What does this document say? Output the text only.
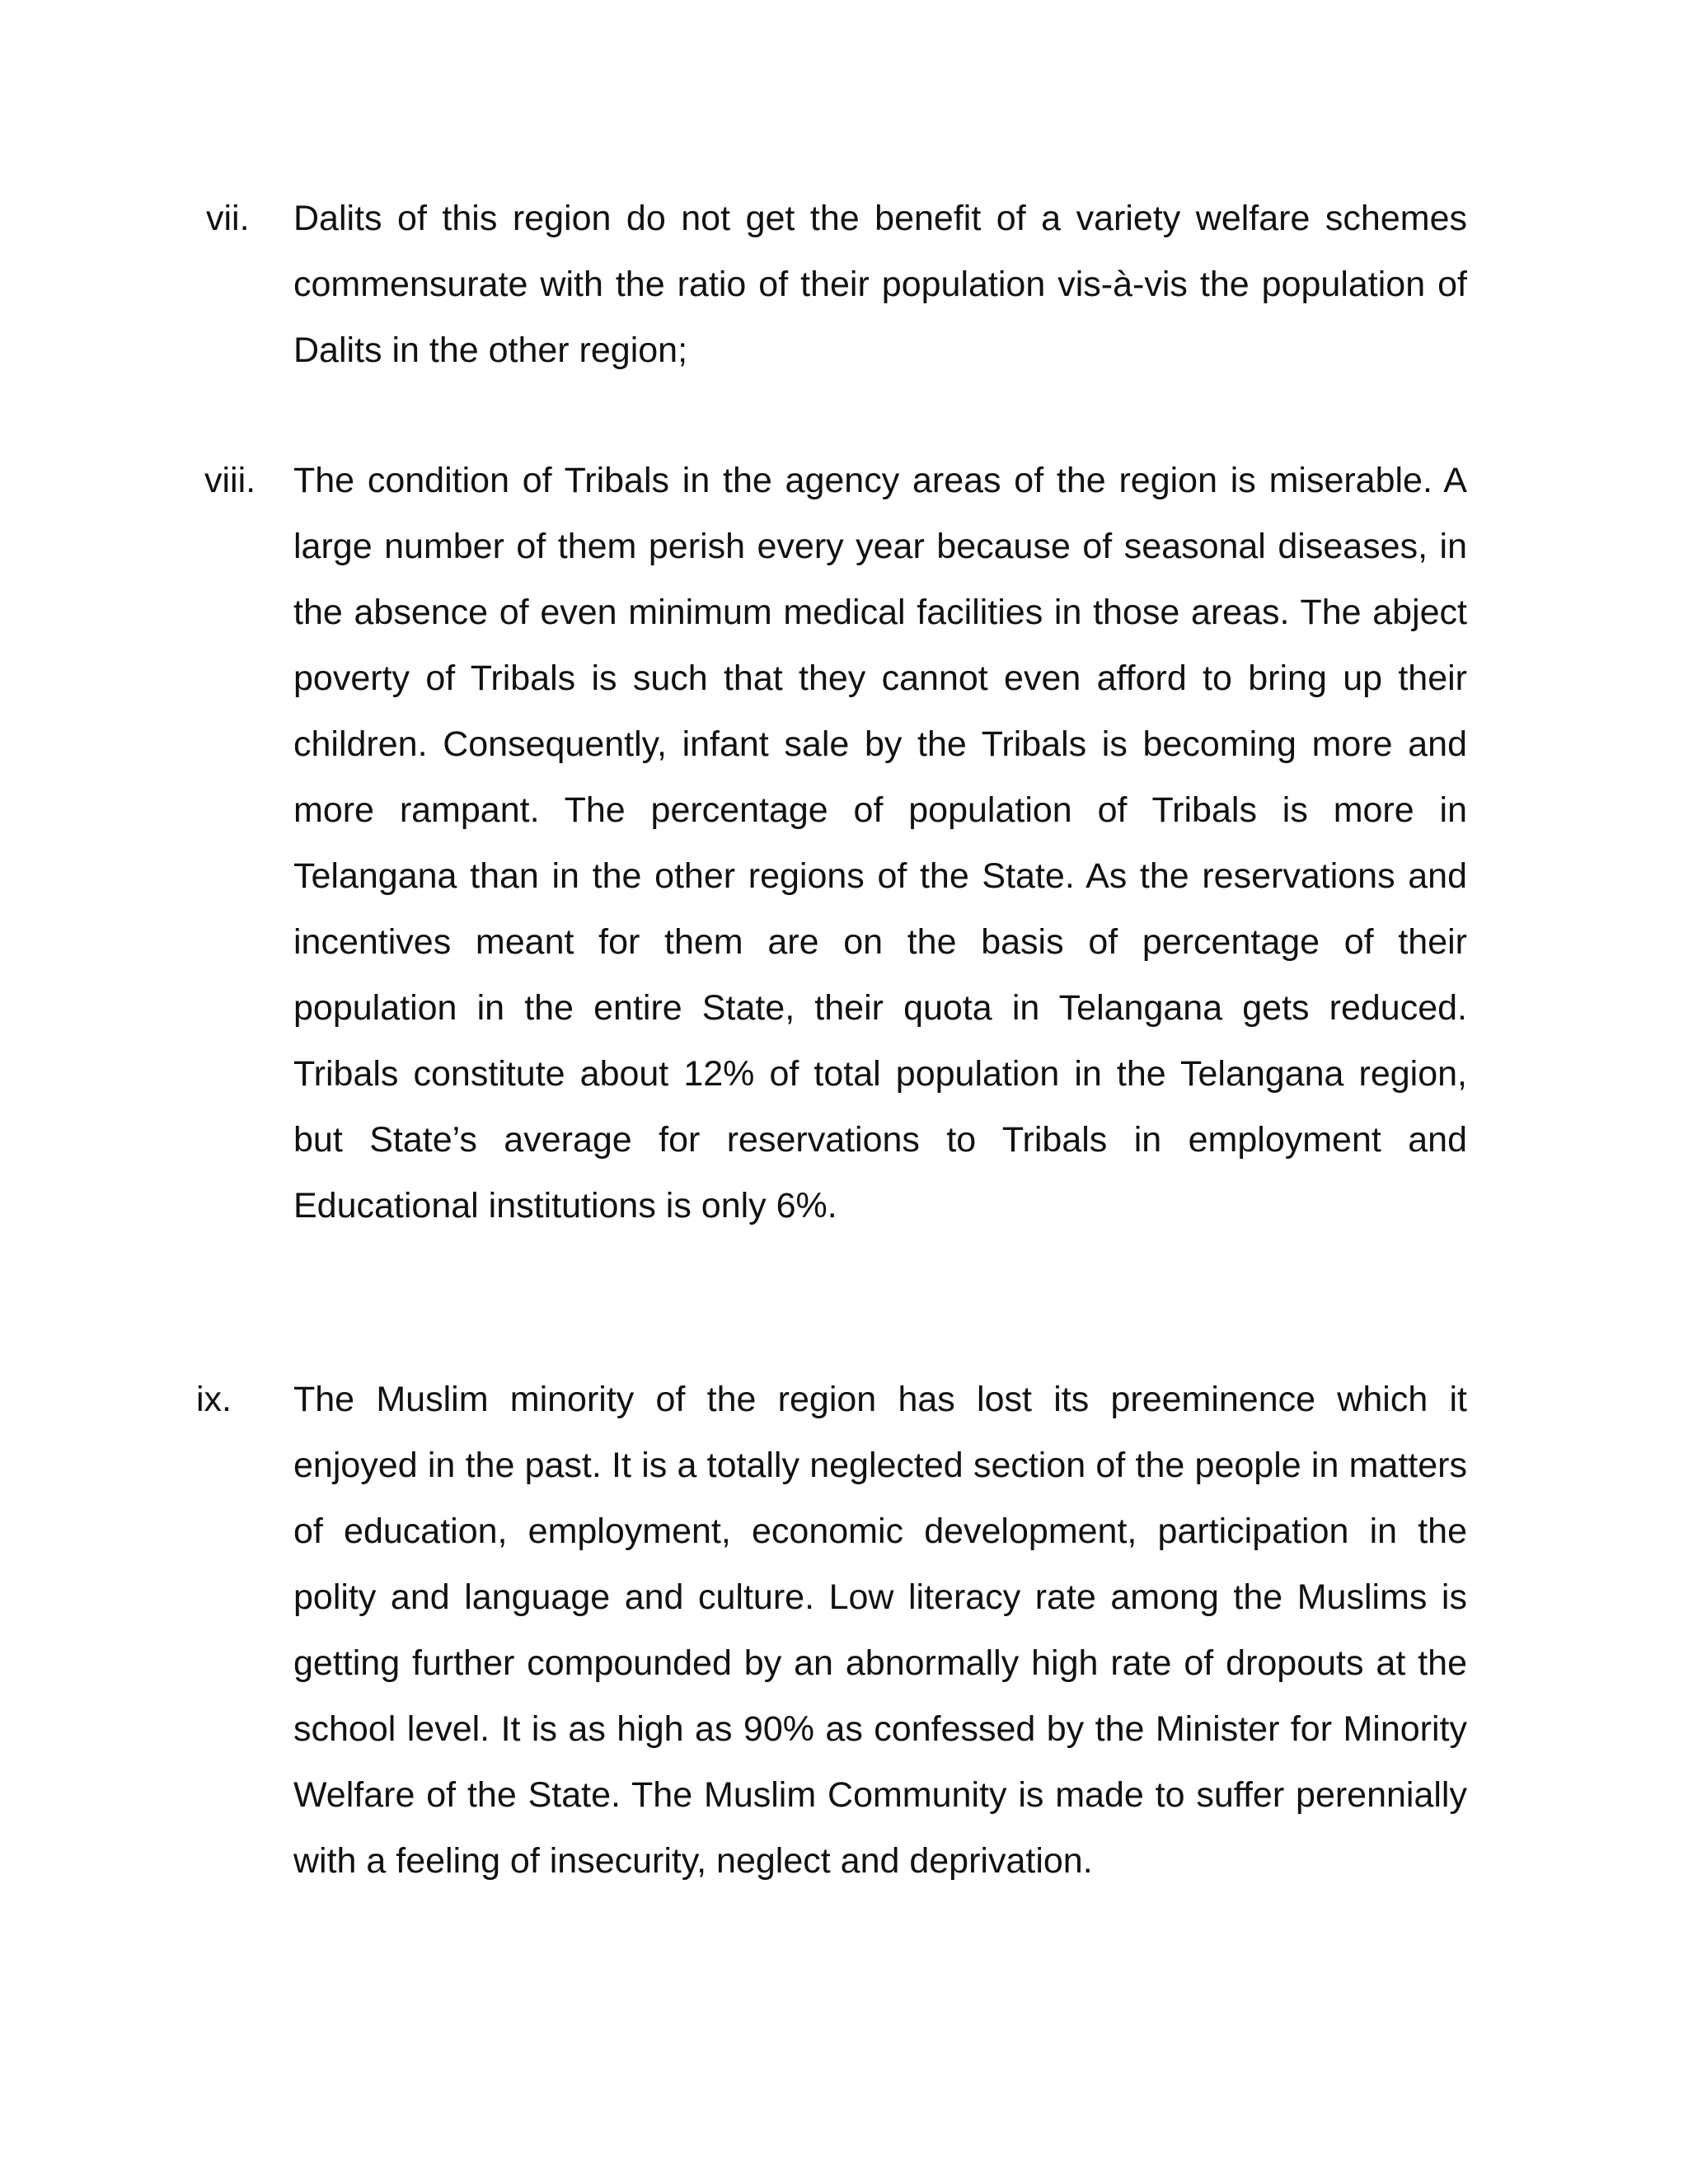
vii. Dalits of this region do not get the benefit of a variety welfare schemes commensurate with the ratio of their population vis-à-vis the population of Dalits in the other region;

viii. The condition of Tribals in the agency areas of the region is miserable. A large number of them perish every year because of seasonal diseases, in the absence of even minimum medical facilities in those areas. The abject poverty of Tribals is such that they cannot even afford to bring up their children. Consequently, infant sale by the Tribals is becoming more and more rampant. The percentage of population of Tribals is more in Telangana than in the other regions of the State. As the reservations and incentives meant for them are on the basis of percentage of their population in the entire State, their quota in Telangana gets reduced. Tribals constitute about 12% of total population in the Telangana region, but State’s average for reservations to Tribals in employment and Educational institutions is only 6%.

ix. The Muslim minority of the region has lost its preeminence which it enjoyed in the past. It is a totally neglected section of the people in matters of education, employment, economic development, participation in the polity and language and culture. Low literacy rate among the Muslims is getting further compounded by an abnormally high rate of dropouts at the school level. It is as high as 90% as confessed by the Minister for Minority Welfare of the State. The Muslim Community is made to suffer perennially with a feeling of insecurity, neglect and deprivation.
